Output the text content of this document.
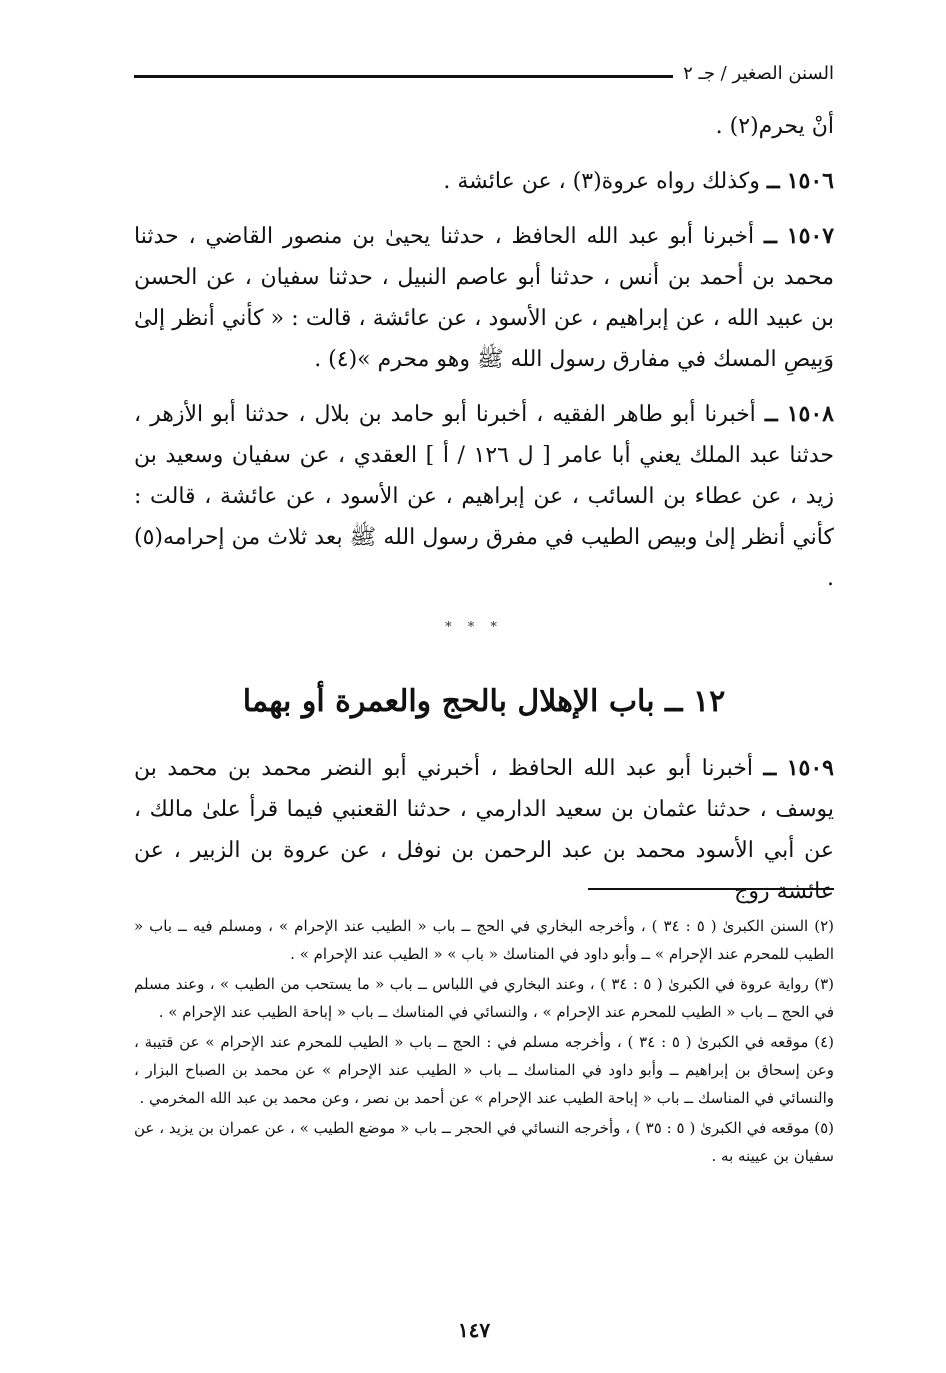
السنن الصغير / جـ ٢

أنْ يحرم(٢) .

١٥٠٦ ــ وكذلك رواه عروة(٣) ، عن عائشة .

١٥٠٧ ــ أخبرنا أبو عبد الله الحافظ ، حدثنا يحيىٰ بن منصور القاضي ، حدثنا محمد بن أحمد بن أنس ، حدثنا أبو عاصم النبيل ، حدثنا سفيان ، عن الحسن بن عبيد الله ، عن إبراهيم ، عن الأسود ، عن عائشة ، قالت : « كأني أنظر إلىٰ وَبِيصِ المسك في مفارق رسول الله ﷺ وهو محرم »(٤) .

١٥٠٨ ــ أخبرنا أبو طاهر الفقيه ، أخبرنا أبو حامد بن بلال ، حدثنا أبو الأزهر ، حدثنا عبد الملك يعني أبا عامر [ ل ١٢٦ / أ ] العقدي ، عن سفيان وسعيد بن زيد ، عن عطاء بن السائب ، عن إبراهيم ، عن الأسود ، عن عائشة ، قالت : كأني أنظر إلىٰ وبيص الطيب في مفرق رسول الله ﷺ بعد ثلاث من إحرامه(٥) .

* * *
١٢ ــ باب الإهلال بالحج والعمرة أو بهما

١٥٠٩ ــ أخبرنا أبو عبد الله الحافظ ، أخبرني أبو النضر محمد بن محمد بن يوسف ، حدثنا عثمان بن سعيد الدارمي ، حدثنا القعنبي فيما قرأ علىٰ مالك ، عن أبي الأسود محمد بن عبد الرحمن بن نوفل ، عن عروة بن الزبير ، عن عائشة زوج

(٢) السنن الكبرىٰ ( ٥ : ٣٤ ) ، وأخرجه البخاري في الحج ــ باب « الطيب عند الإحرام » ، ومسلم فيه ــ باب « الطيب للمحرم عند الإحرام » ــ وأبو داود في المناسك « باب » « الطيب عند الإحرام » .

(٣) رواية عروة في الكبرىٰ ( ٥ : ٣٤ ) ، وعند البخاري في اللباس ــ باب « ما يستحب من الطيب » ، وعند مسلم في الحج ــ باب « الطيب للمحرم عند الإحرام » ، والنسائي في المناسك ــ باب « إباحة الطيب عند الإحرام » .

(٤) موقعه في الكبرىٰ ( ٥ : ٣٤ ) ، وأخرجه مسلم في : الحج ــ باب « الطيب للمحرم عند الإحرام » عن قتيبة ، وعن إسحاق بن إبراهيم ــ وأبو داود في المناسك ــ باب « الطيب عند الإحرام » عن محمد بن الصباح البزار ، والنسائي في المناسك ــ باب « إباحة الطيب عند الإحرام » عن أحمد بن نصر ، وعن محمد بن عبد الله المخرمي .

(٥) موقعه في الكبرىٰ ( ٥ : ٣٥ ) ، وأخرجه النسائي في الحجر ــ باب « موضع الطيب » ، عن عمران بن يزيد ، عن سفيان بن عيينه به .

١٤٧
